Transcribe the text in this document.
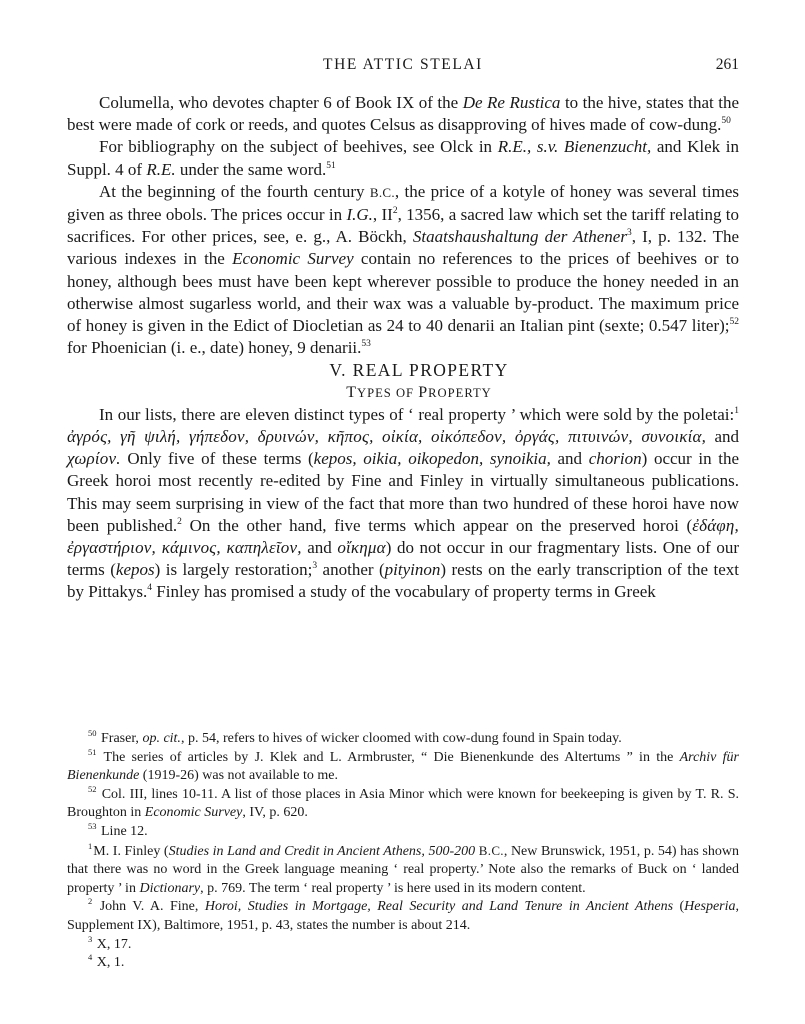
THE ATTIC STELAI	261

Columella, who devotes chapter 6 of Book IX of the De Re Rustica to the hive, states that the best were made of cork or reeds, and quotes Celsus as disapproving of hives made of cow-dung.$^{50}$

For bibliography on the subject of beehives, see Olck in R.E., s.v. Bienenzucht, and Klek in Suppl. 4 of R.E. under the same word.$^{51}$

At the beginning of the fourth century B.C., the price of a kotyle of honey was several times given as three obols. The prices occur in I.G., $II^2$, 1356, a sacred law which set the tariff relating to sacrifices. For other prices, see, e. g., A. Böckh, Staatshaushaltung der Athener$^3$, I, p. 132. The various indexes in the Economic Survey contain no references to the prices of beehives or to honey, although bees must have been kept wherever possible to produce the honey needed in an otherwise almost sugarless world, and their wax was a valuable by-product. The maximum price of honey is given in the Edict of Diocletian as 24 to 40 denarii an Italian pint (sexte; 0.547 liter);$^{52}$ for Phoenician (i. e., date) honey, 9 denarii.$^{53}$

V. REAL PROPERTY

TYPES OF PROPERTY

In our lists, there are eleven distinct types of ‘ real property ’ which were sold by the poletai:$^1$ ἀγρός, γῆ ψιλή, γήπεδον, δρυινών, κῆπος, οἰκία, οἰκόπεδον, ὀργάς, πιτυινών, συνοικία, and χωρίον. Only five of these terms (kepos, oikia, oikopedon, synoikia, and chorion) occur in the Greek horoi most recently re-edited by Fine and Finley in virtually simultaneous publications. This may seem surprising in view of the fact that more than two hundred of these horoi have now been published.$^2$ On the other hand, five terms which appear on the preserved horoi (ἐδάφη, ἐργαστήριον, κάμινος, καπηλεῖον, and οἴκημα) do not occur in our fragmentary lists. One of our terms (kepos) is largely restoration;$^3$ another (pityinon) rests on the early transcription of the text by Pittakys.$^4$ Finley has promised a study of the vocabulary of property terms in Greek

$^{50}$ Fraser, op. cit., p. 54, refers to hives of wicker cloomed with cow-dung found in Spain today.

$^{51}$ The series of articles by J. Klek and L. Armbruster, “ Die Bienenkunde des Altertums ” in the Archiv für Bienenkunde (1919-26) was not available to me.

$^{52}$ Col. III, lines 10-11. A list of those places in Asia Minor which were known for beekeeping is given by T. R. S. Broughton in Economic Survey, IV, p. 620.

$^{53}$ Line 12.

$^1$M. I. Finley (Studies in Land and Credit in Ancient Athens, 500-200 B.C., New Brunswick, 1951, p. 54) has shown that there was no word in the Greek language meaning ‘ real property.’ Note also the remarks of Buck on ‘ landed property ’ in Dictionary, p. 769. The term ‘ real property ’ is here used in its modern content.

$^2$ John V. A. Fine, Horoi, Studies in Mortgage, Real Security and Land Tenure in Ancient Athens (Hesperia, Supplement IX), Baltimore, 1951, p. 43, states the number is about 214.

$^3$ X, 17.

$^4$ X, 1.
